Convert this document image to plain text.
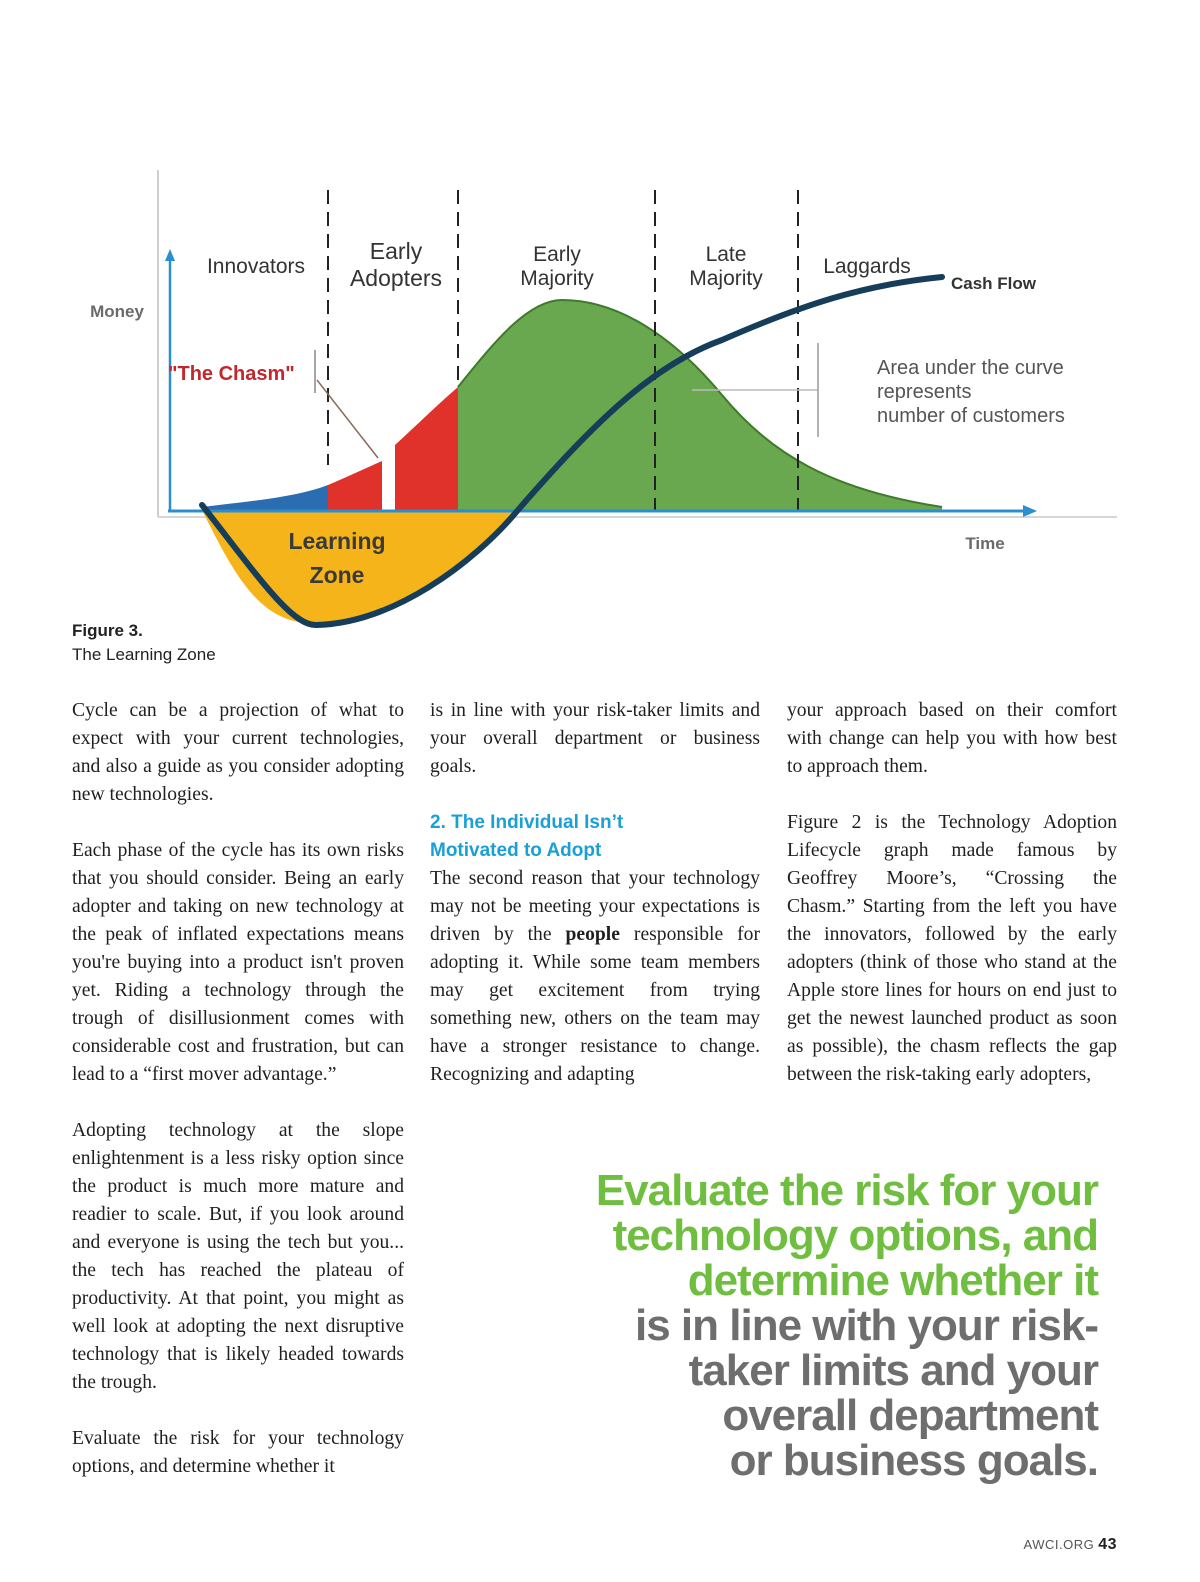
Innovators
Early
Adopters
Early
Majority
Late
Majority
Laggards
Money
Time
"The Chasm"
Cash Flow
Learning
Zone
Area under the curve
represents
number of customers
Figure 3.
The Learning Zone

Cycle can be a projection of what to expect with your current technologies, and also a guide as you consider adopting new technologies.

Each phase of the cycle has its own risks that you should consider. Being an early adopter and taking on new technology at the peak of inflated expectations means you're buying into a product isn't proven yet. Riding a technology through the trough of disillusionment comes with considerable cost and frustration, but can lead to a “first mover advantage.”

Adopting technology at the slope enlightenment is a less risky option since the product is much more mature and readier to scale. But, if you look around and everyone is using the tech but you... the tech has reached the plateau of productivity. At that point, you might as well look at adopting the next disruptive technology that is likely headed towards the trough.

Evaluate the risk for your technology options, and determine whether it

is in line with your risk-taker limits and your overall department or business goals.

2. The Individual Isn’t
Motivated to Adopt

The second reason that your technology may not be meeting your expectations is driven by the people responsible for adopting it. While some team members may get excitement from trying something new, others on the team may have a stronger resistance to change. Recognizing and adapting

your approach based on their comfort with change can help you with how best to approach them.

Figure 2 is the Technology Adoption Lifecycle graph made famous by Geoffrey Moore’s, “Crossing the Chasm.” Starting from the left you have the innovators, followed by the early adopters (think of those who stand at the Apple store lines for hours on end just to get the newest launched product as soon as possible), the chasm reflects the gap between the risk-taking early adopters,

Evaluate the risk for your
technology options, and
determine whether it
is in line with your risk-
taker limits and your
overall department
or business goals.
AWCI.ORG 43
